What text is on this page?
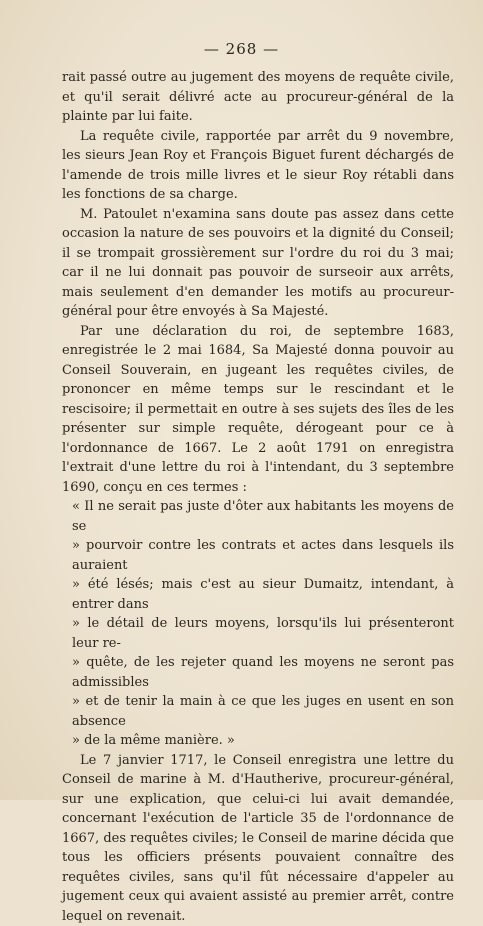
— 268 —

rait passé outre au jugement des moyens de requête civile, et qu'il serait délivré acte au procureur-général de la plainte par lui faite.

La requête civile, rapportée par arrêt du 9 novembre, les sieurs Jean Roy et François Biguet furent déchargés de l'amende de trois mille livres et le sieur Roy rétabli dans les fonctions de sa charge.

M. Patoulet n'examina sans doute pas assez dans cette occasion la nature de ses pouvoirs et la dignité du Conseil; il se trompait grossièrement sur l'ordre du roi du 3 mai; car il ne lui donnait pas pouvoir de surseoir aux arrêts, mais seulement d'en demander les motifs au procureur-général pour être envoyés à Sa Majesté.

Par une déclaration du roi, de septembre 1683, enregistrée le 2 mai 1684, Sa Majesté donna pouvoir au Conseil Souverain, en jugeant les requêtes civiles, de prononcer en même temps sur le rescindant et le rescisoire; il permettait en outre à ses sujets des îles de les présenter sur simple requête, dérogeant pour ce à l'ordonnance de 1667. Le 2 août 1791 on enregistra l'extrait d'une lettre du roi à l'intendant, du 3 septembre 1690, conçu en ces termes :

« Il ne serait pas juste d'ôter aux habitants les moyens de se
» pourvoir contre les contrats et actes dans lesquels ils auraient
» été lésés; mais c'est au sieur Dumaitz, intendant, à entrer dans
» le détail de leurs moyens, lorsqu'ils lui présenteront leur re-
» quête, de les rejeter quand les moyens ne seront pas admissibles
» et de tenir la main à ce que les juges en usent en son absence
» de la même manière. »

Le 7 janvier 1717, le Conseil enregistra une lettre du Conseil de marine à M. d'Hautherive, procureur-général, sur une explication, que celui-ci lui avait demandée, concernant l'exécution de l'article 35 de l'ordonnance de 1667, des requêtes civiles; le Conseil de marine décida que tous les officiers présents pouvaient connaître des requêtes civiles, sans qu'il fût nécessaire d'appeler au jugement ceux qui avaient assisté au premier arrêt, contre lequel on revenait.
